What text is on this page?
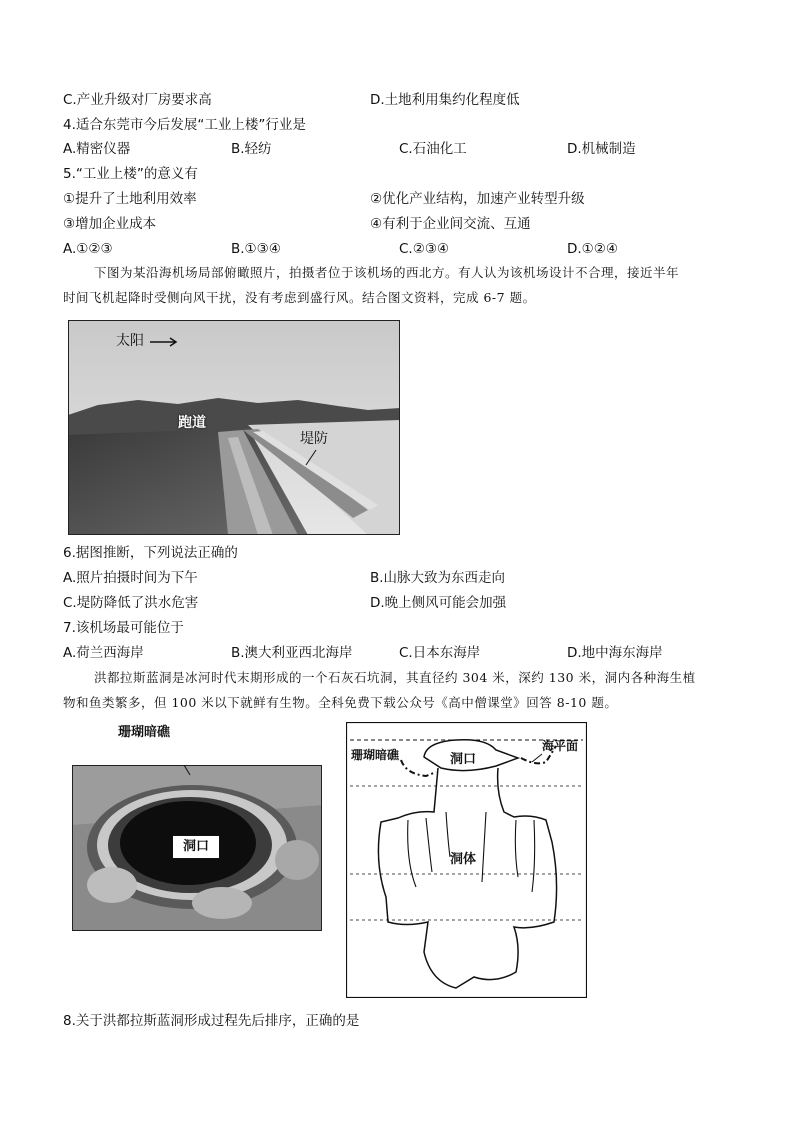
C.产业升级对厂房要求高	D.土地利用集约化程度低
4.适合东莞市今后发展“工业上楼”行业是
A.精密仪器	B.轻纺	C.石油化工	D.机械制造
5.“工业上楼”的意义有
①提升了土地利用效率	②优化产业结构，加速产业转型升级
③增加企业成本	④有利于企业间交流、互通
A.①②③	B.①③④	C.②③④	D.①②④
下图为某沿海机场局部俯瞰照片，拍摄者位于该机场的西北方。有人认为该机场设计不合理，接近半年
时间飞机起降时受侧向风干扰，没有考虑到盛行风。结合图文资料，完成 6-7 题。
太阳
跑道
堤防
6.据图推断，下列说法正确的
A.照片拍摄时间为下午	B.山脉大致为东西走向
C.堤防降低了洪水危害	D.晚上侧风可能会加强
7.该机场最可能位于
A.荷兰西海岸	B.澳大利亚西北海岸	C.日本东海岸	D.地中海东海岸
洪都拉斯蓝洞是冰河时代末期形成的一个石灰石坑洞，其直径约 304 米，深约 130 米，洞内各种海生植
物和鱼类繁多，但 100 米以下就鲜有生物。全科免费下载公众号《高中僧课堂》回答 8-10 题。
珊瑚暗礁
洞口
珊瑚暗礁	洞口
海平面
洞体
8.关于洪都拉斯蓝洞形成过程先后排序，正确的是
